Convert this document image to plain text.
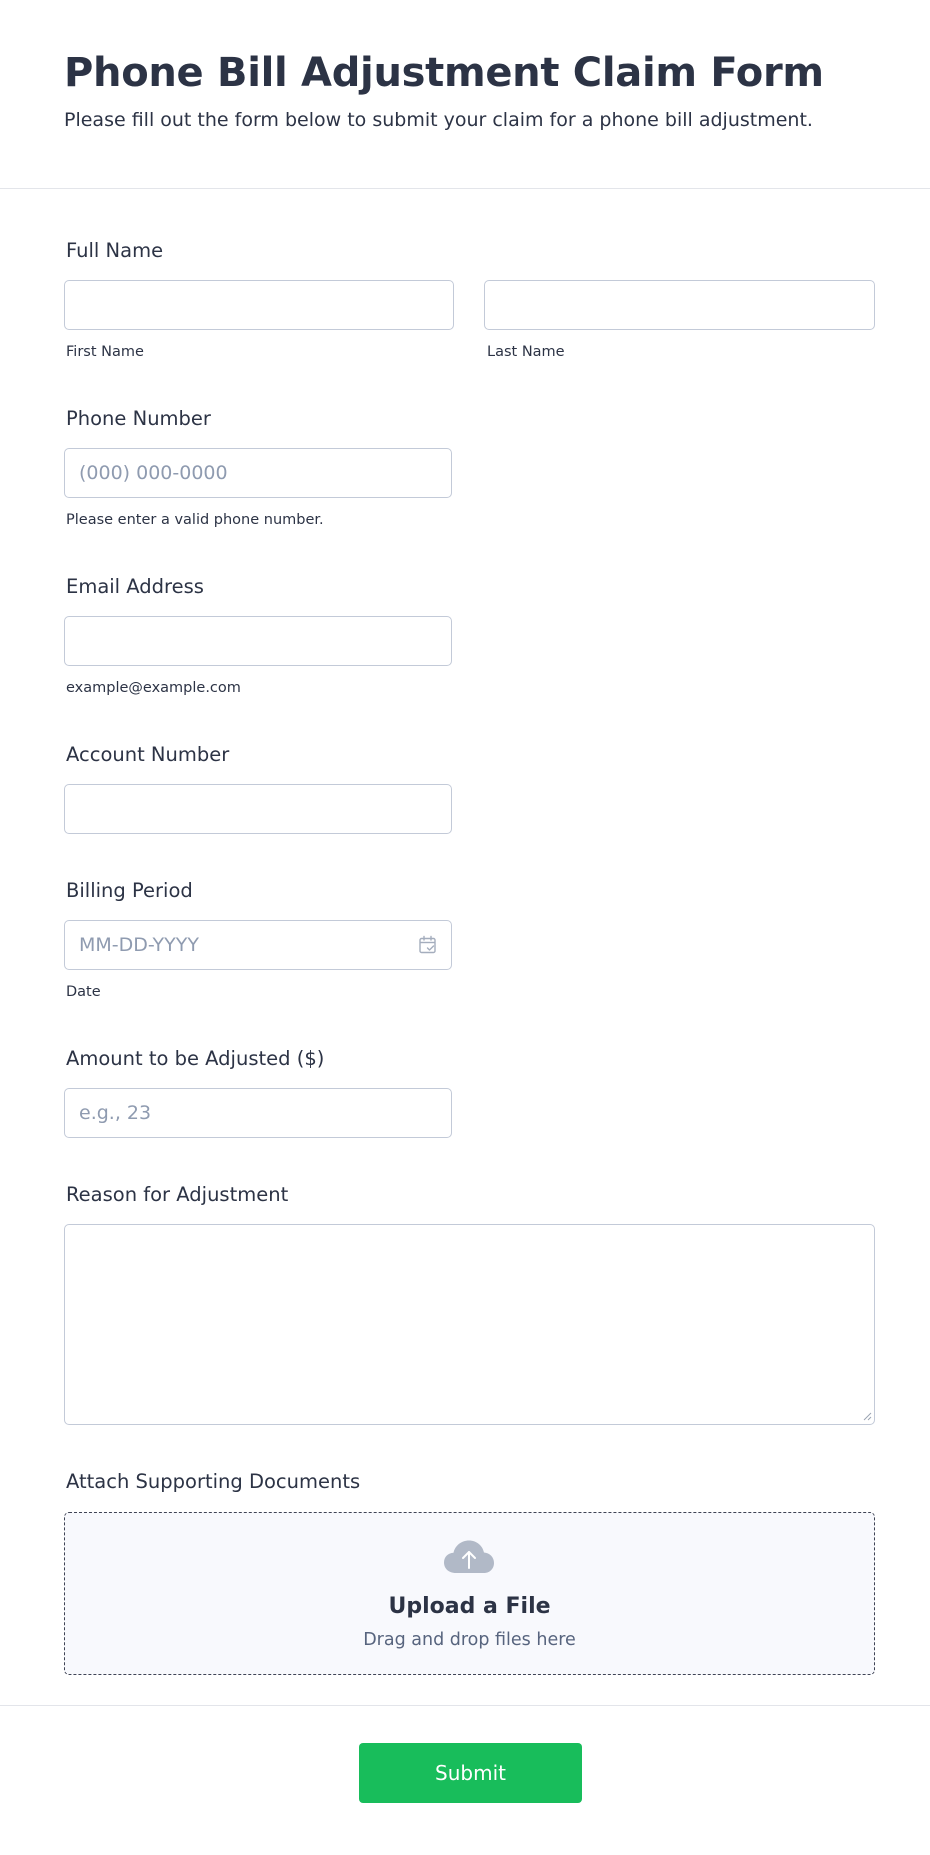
Phone Bill Adjustment Claim Form

Please fill out the form below to submit your claim for a phone bill adjustment.

Full Name
First Name	Last Name
Phone Number
(000) 000-0000
Please enter a valid phone number.
Email Address
example@example.com
Account Number
Billing Period
MM-DD-YYYY
Date
Amount to be Adjusted ($)
e.g., 23
Reason for Adjustment
Attach Supporting Documents
Upload a File
Drag and drop files here
Submit
